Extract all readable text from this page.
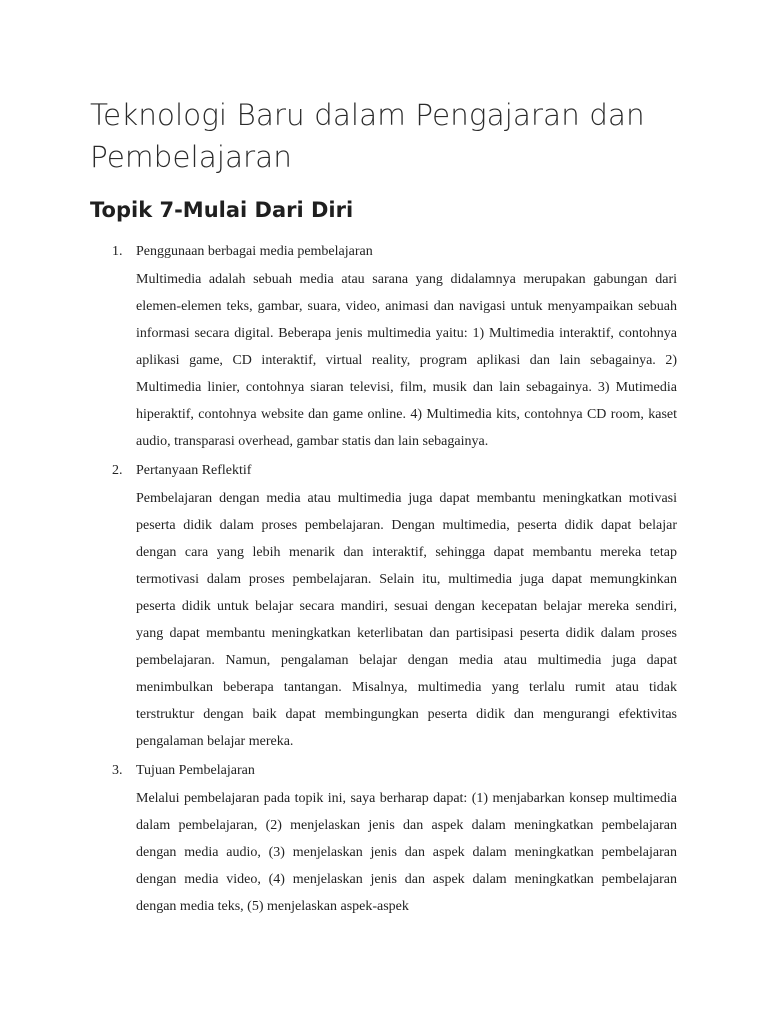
Teknologi Baru dalam Pengajaran dan Pembelajaran
Topik 7-Mulai Dari Diri
1. Penggunaan berbagai media pembelajaran
Multimedia adalah sebuah media atau sarana yang didalamnya merupakan gabungan dari elemen-elemen teks, gambar, suara, video, animasi dan navigasi untuk menyampaikan sebuah informasi secara digital. Beberapa jenis multimedia yaitu: 1) Multimedia interaktif, contohnya aplikasi game, CD interaktif, virtual reality, program aplikasi dan lain sebagainya. 2) Multimedia linier, contohnya siaran televisi, film, musik dan lain sebagainya. 3) Mutimedia hiperaktif, contohnya website dan game online. 4) Multimedia kits, contohnya CD room, kaset audio, transparasi overhead, gambar statis dan lain sebagainya.
2. Pertanyaan Reflektif
Pembelajaran dengan media atau multimedia juga dapat membantu meningkatkan motivasi peserta didik dalam proses pembelajaran. Dengan multimedia, peserta didik dapat belajar dengan cara yang lebih menarik dan interaktif, sehingga dapat membantu mereka tetap termotivasi dalam proses pembelajaran. Selain itu, multimedia juga dapat memungkinkan peserta didik untuk belajar secara mandiri, sesuai dengan kecepatan belajar mereka sendiri, yang dapat membantu meningkatkan keterlibatan dan partisipasi peserta didik dalam proses pembelajaran. Namun, pengalaman belajar dengan media atau multimedia juga dapat menimbulkan beberapa tantangan. Misalnya, multimedia yang terlalu rumit atau tidak terstruktur dengan baik dapat membingungkan peserta didik dan mengurangi efektivitas pengalaman belajar mereka.
3. Tujuan Pembelajaran
Melalui pembelajaran pada topik ini, saya berharap dapat: (1) menjabarkan konsep multimedia dalam pembelajaran, (2) menjelaskan jenis dan aspek dalam meningkatkan pembelajaran dengan media audio, (3) menjelaskan jenis dan aspek dalam meningkatkan pembelajaran dengan media video, (4) menjelaskan jenis dan aspek dalam meningkatkan pembelajaran dengan media teks, (5) menjelaskan aspek-aspek
